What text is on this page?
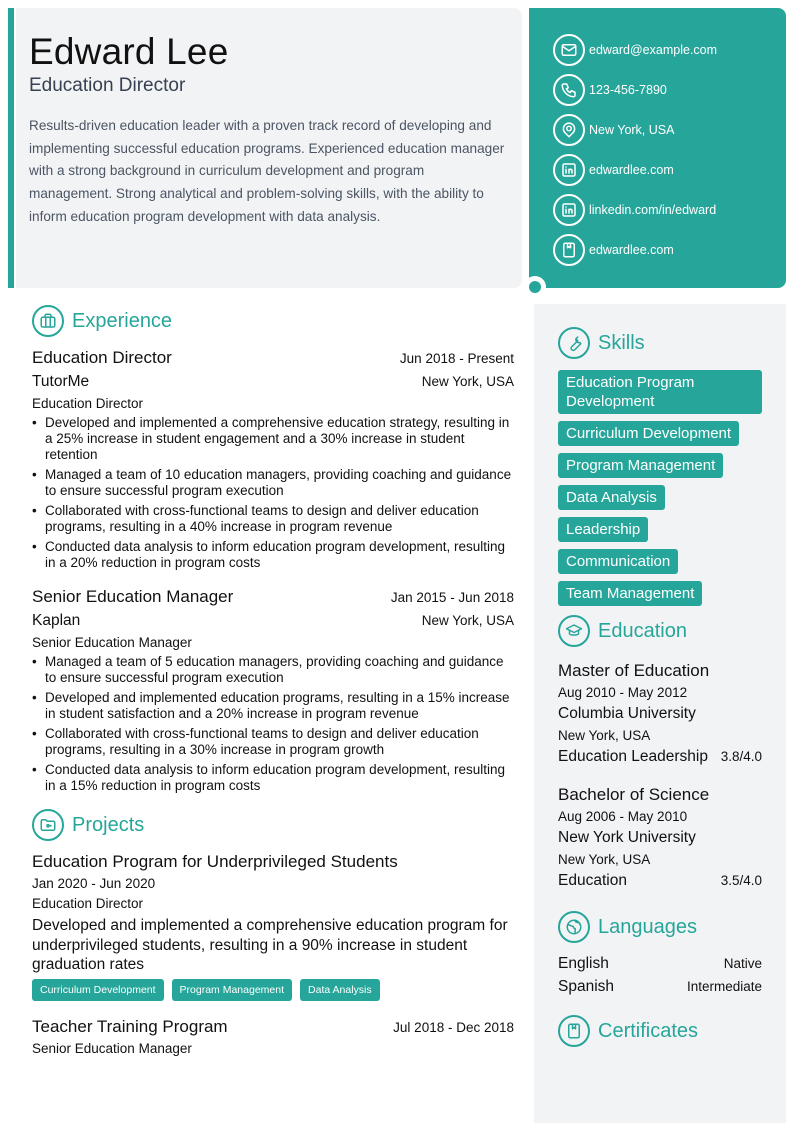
Edward Lee
Education Director

Results-driven education leader with a proven track record of developing and implementing successful education programs. Experienced education manager with a strong background in curriculum development and program management. Strong analytical and problem-solving skills, with the ability to inform education program development with data analysis.

edward@example.com
123-456-7890
New York, USA
edwardlee.com
linkedin.com/in/edward
edwardlee.com
Experience
Education Director	Jun 2018 - Present
TutorMe	New York, USA
Education Director
• Developed and implemented a comprehensive education strategy, resulting in a 25% increase in student engagement and a 30% increase in student retention
• Managed a team of 10 education managers, providing coaching and guidance to ensure successful program execution
• Collaborated with cross-functional teams to design and deliver education programs, resulting in a 40% increase in program revenue
• Conducted data analysis to inform education program development, resulting in a 20% reduction in program costs
Senior Education Manager	Jan 2015 - Jun 2018
Kaplan	New York, USA
Senior Education Manager
• Managed a team of 5 education managers, providing coaching and guidance to ensure successful program execution
• Developed and implemented education programs, resulting in a 15% increase in student satisfaction and a 20% increase in program revenue
• Collaborated with cross-functional teams to design and deliver education programs, resulting in a 30% increase in program growth
• Conducted data analysis to inform education program development, resulting in a 15% reduction in program costs
Projects
Education Program for Underprivileged Students
Jan 2020 - Jun 2020
Education Director
Developed and implemented a comprehensive education program for underprivileged students, resulting in a 90% increase in student graduation rates
Curriculum Development	Program Management	Data Analysis
Teacher Training Program	Jul 2018 - Dec 2018
Senior Education Manager
Skills
Education Program Development
Curriculum Development
Program Management
Data Analysis
Leadership
Communication
Team Management
Education
Master of Education
Aug 2010 - May 2012
Columbia University
New York, USA
Education Leadership 3.8/4.0
Bachelor of Science
Aug 2006 - May 2010
New York University
New York, USA
Education	3.5/4.0
Languages
English	Native
Spanish	Intermediate
Certificates
